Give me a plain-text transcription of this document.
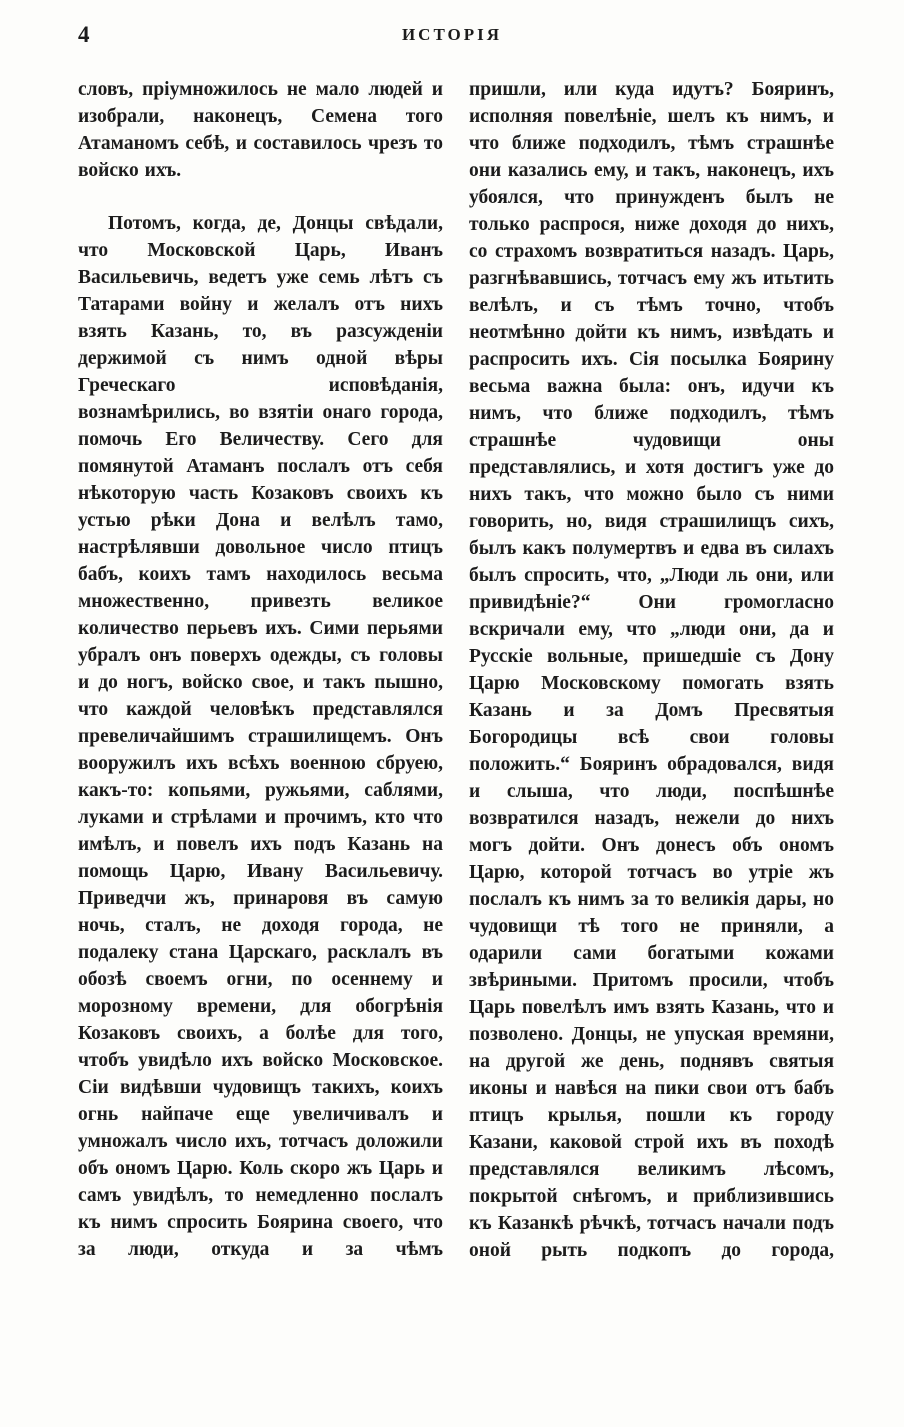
4	ИСТОРІЯ

словъ, пріумножилось не мало людей и изобрали, наконецъ, Семена того Атаманомъ себѣ, и составилось чрезъ то войско ихъ.

Потомъ, когда, де, Донцы свѣдали, что Московской Царь, Иванъ Васильевичь, ведетъ уже семь лѣтъ съ Татарами войну и желалъ отъ нихъ взять Казань, то, въ разсужденіи держимой съ нимъ одной вѣры Греческаго исповѣданія, вознамѣрились, во взятіи онаго города, помочь Его Величеству. Сего для помянутой Атаманъ послалъ отъ себя нѣкоторую часть Козаковъ своихъ къ устью рѣки Дона и велѣлъ тамо, настрѣлявши довольное число птицъ бабъ, коихъ тамъ находилось весьма множественно, привезть великое количество перьевъ ихъ. Сими перьями убралъ онъ поверхъ одежды, съ головы и до ногъ, войско свое, и такъ пышно, что каждой человѣкъ представлялся превеличайшимъ страшилищемъ. Онъ вооружилъ ихъ всѣхъ военною сбруею, какъ-то: копьями, ружьями, саблями, луками и стрѣлами и прочимъ, кто что имѣлъ, и повелъ ихъ подъ Казань на помощь Царю, Ивану Васильевичу. Приведчи жъ, принаровя въ самую ночь, сталъ, не доходя города, не подалеку стана Царскаго, расклалъ въ обозѣ своемъ огни, по осеннему и морозному времени, для обогрѣнія Козаковъ своихъ, а болѣе для того, чтобъ увидѣло ихъ войско Московское. Сіи видѣвши чудовищъ такихъ, коихъ огнь найпаче еще увеличивалъ и умножалъ число ихъ, тотчасъ доложили объ ономъ Царю. Коль скоро жъ Царь и самъ увидѣлъ, то немедленно послалъ къ нимъ спросить Боярина своего, что за люди, откуда и за чѣмъ

пришли, или куда идутъ? Бояринъ, исполняя повелѣніе, шелъ къ нимъ, и что ближе подходилъ, тѣмъ страшнѣе они казались ему, и такъ, наконецъ, ихъ убоялся, что принужденъ былъ не только распрося, ниже доходя до нихъ, со страхомъ возвратиться назадъ. Царь, разгнѣвавшись, тотчасъ ему жъ итьтить велѣлъ, и съ тѣмъ точно, чтобъ неотмѣнно дойти къ нимъ, извѣдать и распросить ихъ. Сія посылка Боярину весьма важна была: онъ, идучи къ нимъ, что ближе подходилъ, тѣмъ страшнѣе чудовищи оны представлялись, и хотя достигъ уже до нихъ такъ, что можно было съ ними говорить, но, видя страшилищъ сихъ, былъ какъ полумертвъ и едва въ силахъ былъ спросить, что, „Люди ль они, или привидѣніе?“ Они громогласно вскричали ему, что „люди они, да и Русскіе вольные, пришедшіе съ Дону Царю Московскому помогать взять Казань и за Домъ Пресвятыя Богородицы всѣ свои головы положить.“ Бояринъ обрадовался, видя и слыша, что люди, поспѣшнѣе возвратился назадъ, нежели до нихъ могъ дойти. Онъ донесъ объ ономъ Царю, которой тотчасъ во утріе жъ послалъ къ нимъ за то великія дары, но чудовищи тѣ того не приняли, а одарили сами богатыми кожами звѣриными. Притомъ просили, чтобъ Царь повелѣлъ имъ взять Казань, что и позволено. Донцы, не упуская времяни, на другой же день, поднявъ святыя иконы и навѣся на пики свои отъ бабъ птицъ крылья, пошли къ городу Казани, каковой строй ихъ въ походѣ представлялся великимъ лѣсомъ, покрытой снѣгомъ, и приблизившись къ Казанкѣ рѣчкѣ, тотчасъ начали подъ оной рыть подкопъ до города,
